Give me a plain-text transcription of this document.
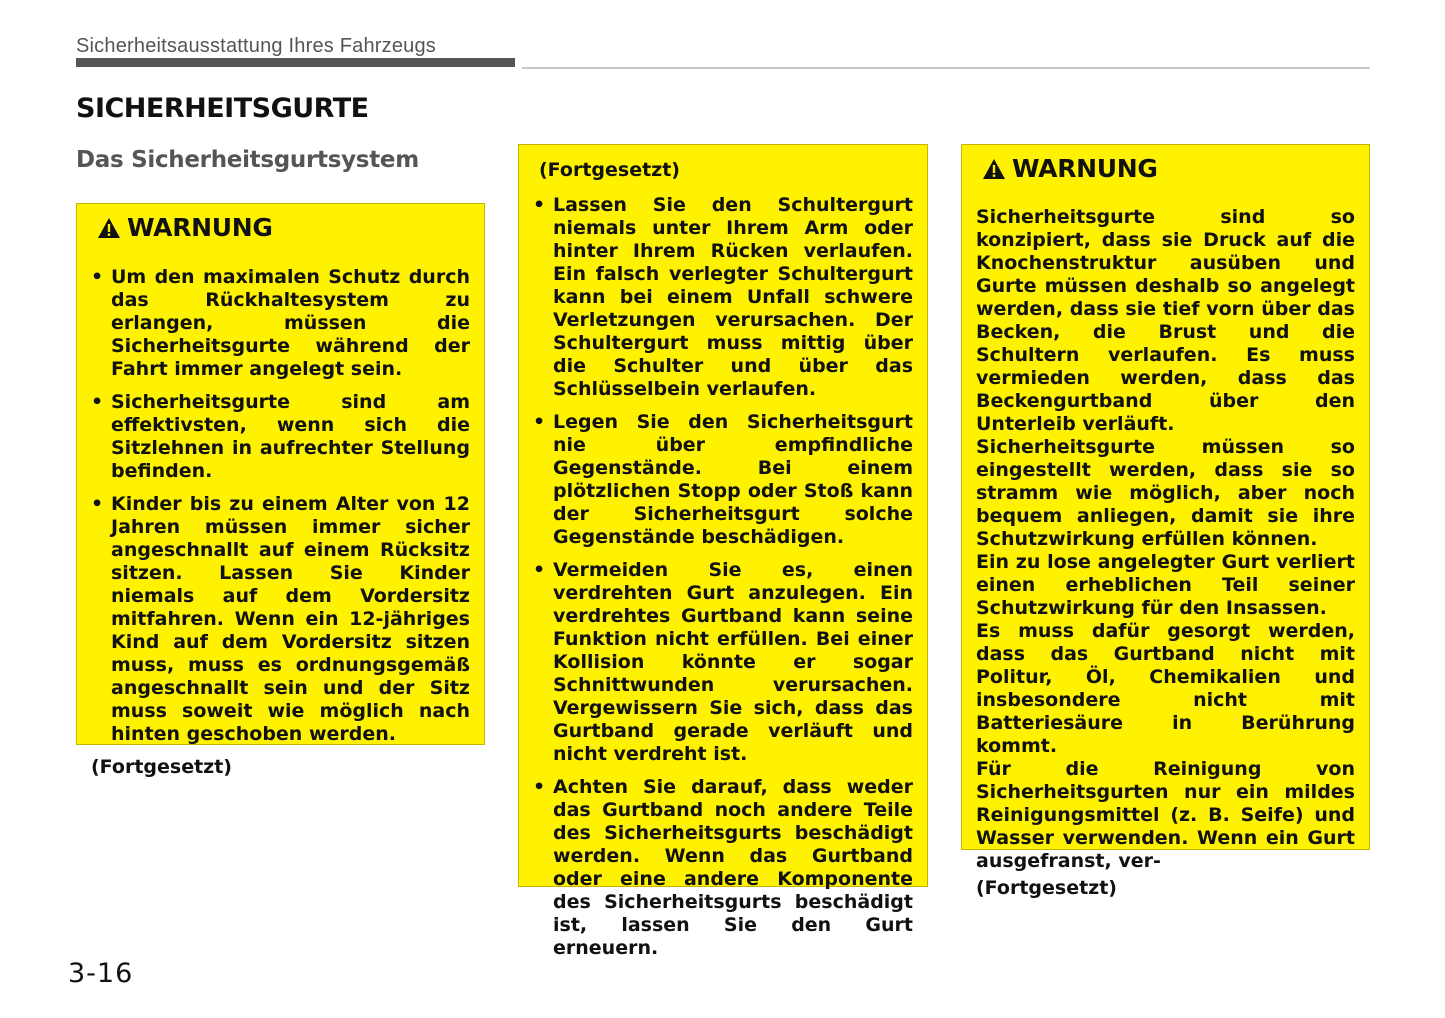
Sicherheitsausstattung Ihres Fahrzeugs
SICHERHEITSGURTE
Das Sicherheitsgurtsystem
WARNUNG
• Um den maximalen Schutz durch das Rückhaltesystem zu erlangen, müssen die Sicherheitsgurte während der Fahrt immer angelegt sein.
• Sicherheitsgurte sind am effektivsten, wenn sich die Sitzlehnen in aufrechter Stellung befinden.
• Kinder bis zu einem Alter von 12 Jahren müssen immer sicher angeschnallt auf einem Rücksitz sitzen. Lassen Sie Kinder niemals auf dem Vordersitz mitfahren. Wenn ein 12-jähriges Kind auf dem Vordersitz sitzen muss, muss es ordnungsgemäß angeschnallt sein und der Sitz muss soweit wie möglich nach hinten geschoben werden.
(Fortgesetzt)
(Fortgesetzt)
• Lassen Sie den Schultergurt niemals unter Ihrem Arm oder hinter Ihrem Rücken verlaufen. Ein falsch verlegter Schultergurt kann bei einem Unfall schwere Verletzungen verursachen. Der Schultergurt muss mittig über die Schulter und über das Schlüsselbein verlaufen.
• Legen Sie den Sicherheitsgurt nie über empfindliche Gegenstände. Bei einem plötzlichen Stopp oder Stoß kann der Sicherheitsgurt solche Gegenstände beschädigen.
• Vermeiden Sie es, einen verdrehten Gurt anzulegen. Ein verdrehtes Gurtband kann seine Funktion nicht erfüllen. Bei einer Kollision könnte er sogar Schnittwunden verursachen. Vergewissern Sie sich, dass das Gurtband gerade verläuft und nicht verdreht ist.
• Achten Sie darauf, dass weder das Gurtband noch andere Teile des Sicherheitsgurts beschädigt werden. Wenn das Gurtband oder eine andere Komponente des Sicherheitsgurts beschädigt ist, lassen Sie den Gurt erneuern.
WARNUNG

Sicherheitsgurte sind so konzipiert, dass sie Druck auf die Knochenstruktur ausüben und Gurte müssen deshalb so angelegt werden, dass sie tief vorn über das Becken, die Brust und die Schultern verlaufen. Es muss vermieden werden, dass das Beckengurtband über den Unterleib verläuft.

Sicherheitsgurte müssen so eingestellt werden, dass sie so stramm wie möglich, aber noch bequem anliegen, damit sie ihre Schutzwirkung erfüllen können.

Ein zu lose angelegter Gurt verliert einen erheblichen Teil seiner Schutzwirkung für den Insassen.

Es muss dafür gesorgt werden, dass das Gurtband nicht mit Politur, Öl, Chemikalien und insbesondere nicht mit Batteriesäure in Berührung kommt.

Für die Reinigung von Sicherheitsgurten nur ein mildes Reinigungsmittel (z. B. Seife) und Wasser verwenden. Wenn ein Gurt ausgefranst, ver-

(Fortgesetzt)
3-16
